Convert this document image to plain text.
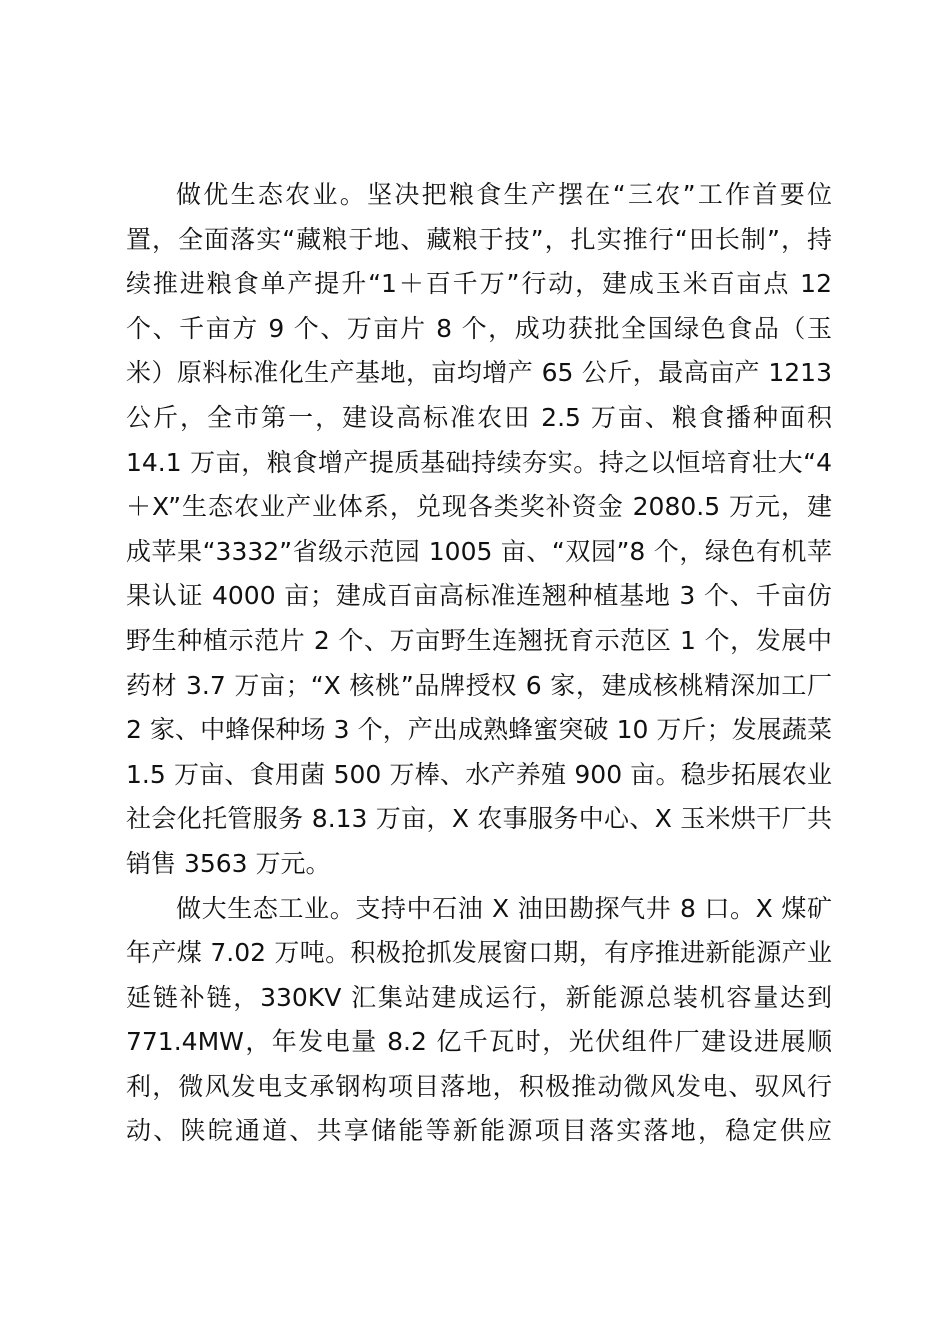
做优生态农业。坚决把粮食生产摆在“三农”工作首要位
置，全面落实“藏粮于地、藏粮于技”，扎实推行“田长制”，持
续推进粮食单产提升“1＋百千万”行动，建成玉米百亩点 12
个、千亩方 9 个、万亩片 8 个，成功获批全国绿色食品（玉
米）原料标准化生产基地，亩均增产 65 公斤，最高亩产 1213
公斤，全市第一，建设高标准农田 2.5 万亩、粮食播种面积
14.1 万亩，粮食增产提质基础持续夯实。持之以恒培育壮大“4
＋X”生态农业产业体系，兑现各类奖补资金 2080.5 万元，建
成苹果“3332”省级示范园 1005 亩、“双园”8 个，绿色有机苹
果认证 4000 亩；建成百亩高标准连翘种植基地 3 个、千亩仿
野生种植示范片 2 个、万亩野生连翘抚育示范区 1 个，发展中
药材 3.7 万亩；“X 核桃”品牌授权 6 家，建成核桃精深加工厂
2 家、中蜂保种场 3 个，产出成熟蜂蜜突破 10 万斤；发展蔬菜
1.5 万亩、食用菌 500 万棒、水产养殖 900 亩。稳步拓展农业
社会化托管服务 8.13 万亩，X 农事服务中心、X 玉米烘干厂共
销售 3563 万元。
做大生态工业。支持中石油 X 油田勘探气井 8 口。X 煤矿
年产煤 7.02 万吨。积极抢抓发展窗口期，有序推进新能源产业
延链补链，330KV 汇集站建成运行，新能源总装机容量达到
771.4MW，年发电量 8.2 亿千瓦时，光伏组件厂建设进展顺
利，微风发电支承钢构项目落地，积极推动微风发电、驭风行
动、陕皖通道、共享储能等新能源项目落实落地，稳定供应
